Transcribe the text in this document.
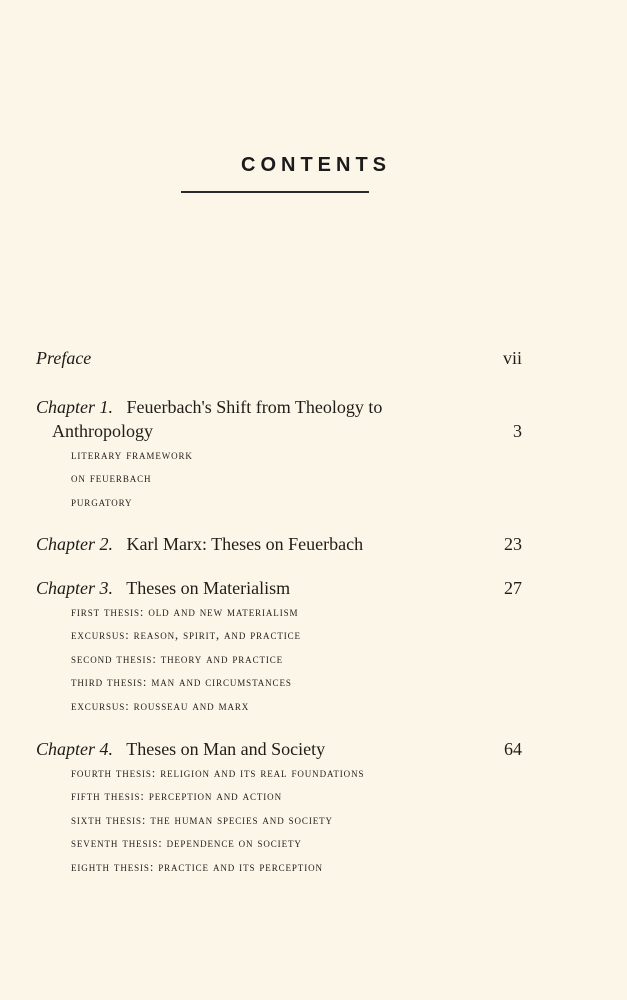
CONTENTS
Preface	vii
Chapter 1.   Feuerbach's Shift from Theology to
Anthropology	3
literary framework
on feuerbach
purgatory
Chapter 2.   Karl Marx: Theses on Feuerbach	23
Chapter 3.   Theses on Materialism	27
first thesis: old and new materialism
excursus: reason, spirit, and practice
second thesis: theory and practice
third thesis: man and circumstances
excursus: rousseau and marx
Chapter 4.   Theses on Man and Society	64
fourth thesis: religion and its real foundations
fifth thesis: perception and action
sixth thesis: the human species and society
seventh thesis: dependence on society
eighth thesis: practice and its perception
